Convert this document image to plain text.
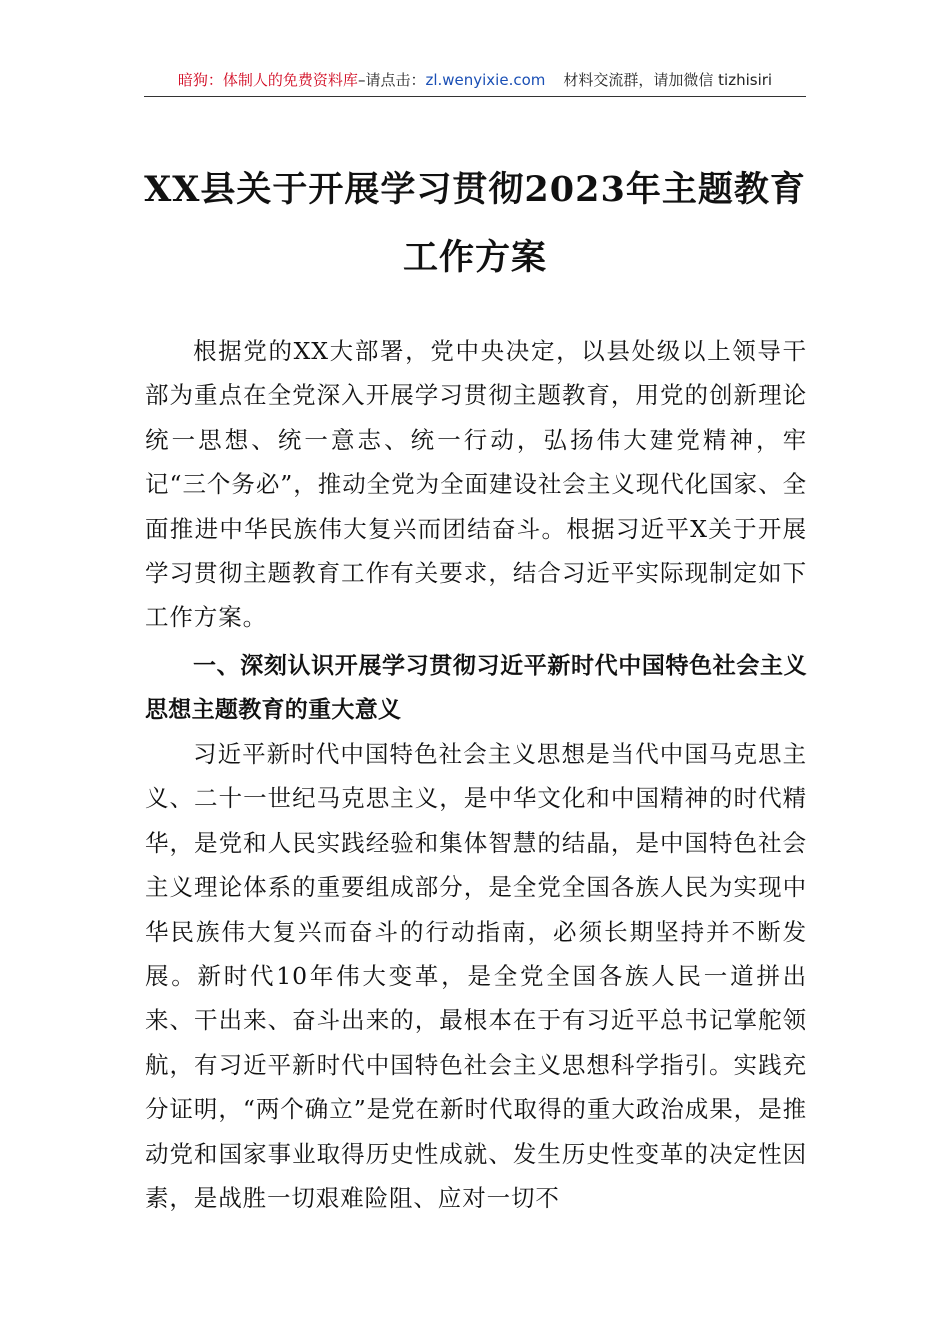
暗狗：体制人的免费资料库–请点击：zl.wenyixie.com 材料交流群，请加微信 tizhisiri
XX县关于开展学习贯彻2023年主题教育
工作方案
根据党的XX大部署，党中央决定，以县处级以上领导干部为重点在全党深入开展学习贯彻主题教育，用党的创新理论统一思想、统一意志、统一行动，弘扬伟大建党精神，牢记“三个务必”，推动全党为全面建设社会主义现代化国家、全面推进中华民族伟大复兴而团结奋斗。根据习近平X关于开展学习贯彻主题教育工作有关要求，结合习近平实际现制定如下工作方案。
一、深刻认识开展学习贯彻习近平新时代中国特色社会主义思想主题教育的重大意义
习近平新时代中国特色社会主义思想是当代中国马克思主义、二十一世纪马克思主义，是中华文化和中国精神的时代精华，是党和人民实践经验和集体智慧的结晶，是中国特色社会主义理论体系的重要组成部分，是全党全国各族人民为实现中华民族伟大复兴而奋斗的行动指南，必须长期坚持并不断发展。新时代10年伟大变革，是全党全国各族人民一道拼出来、干出来、奋斗出来的，最根本在于有习近平总书记掌舵领航，有习近平新时代中国特色社会主义思想科学指引。实践充分证明，“两个确立”是党在新时代取得的重大政治成果，是推动党和国家事业取得历史性成就、发生历史性变革的决定性因素，是战胜一切艰难险阻、应对一切不
